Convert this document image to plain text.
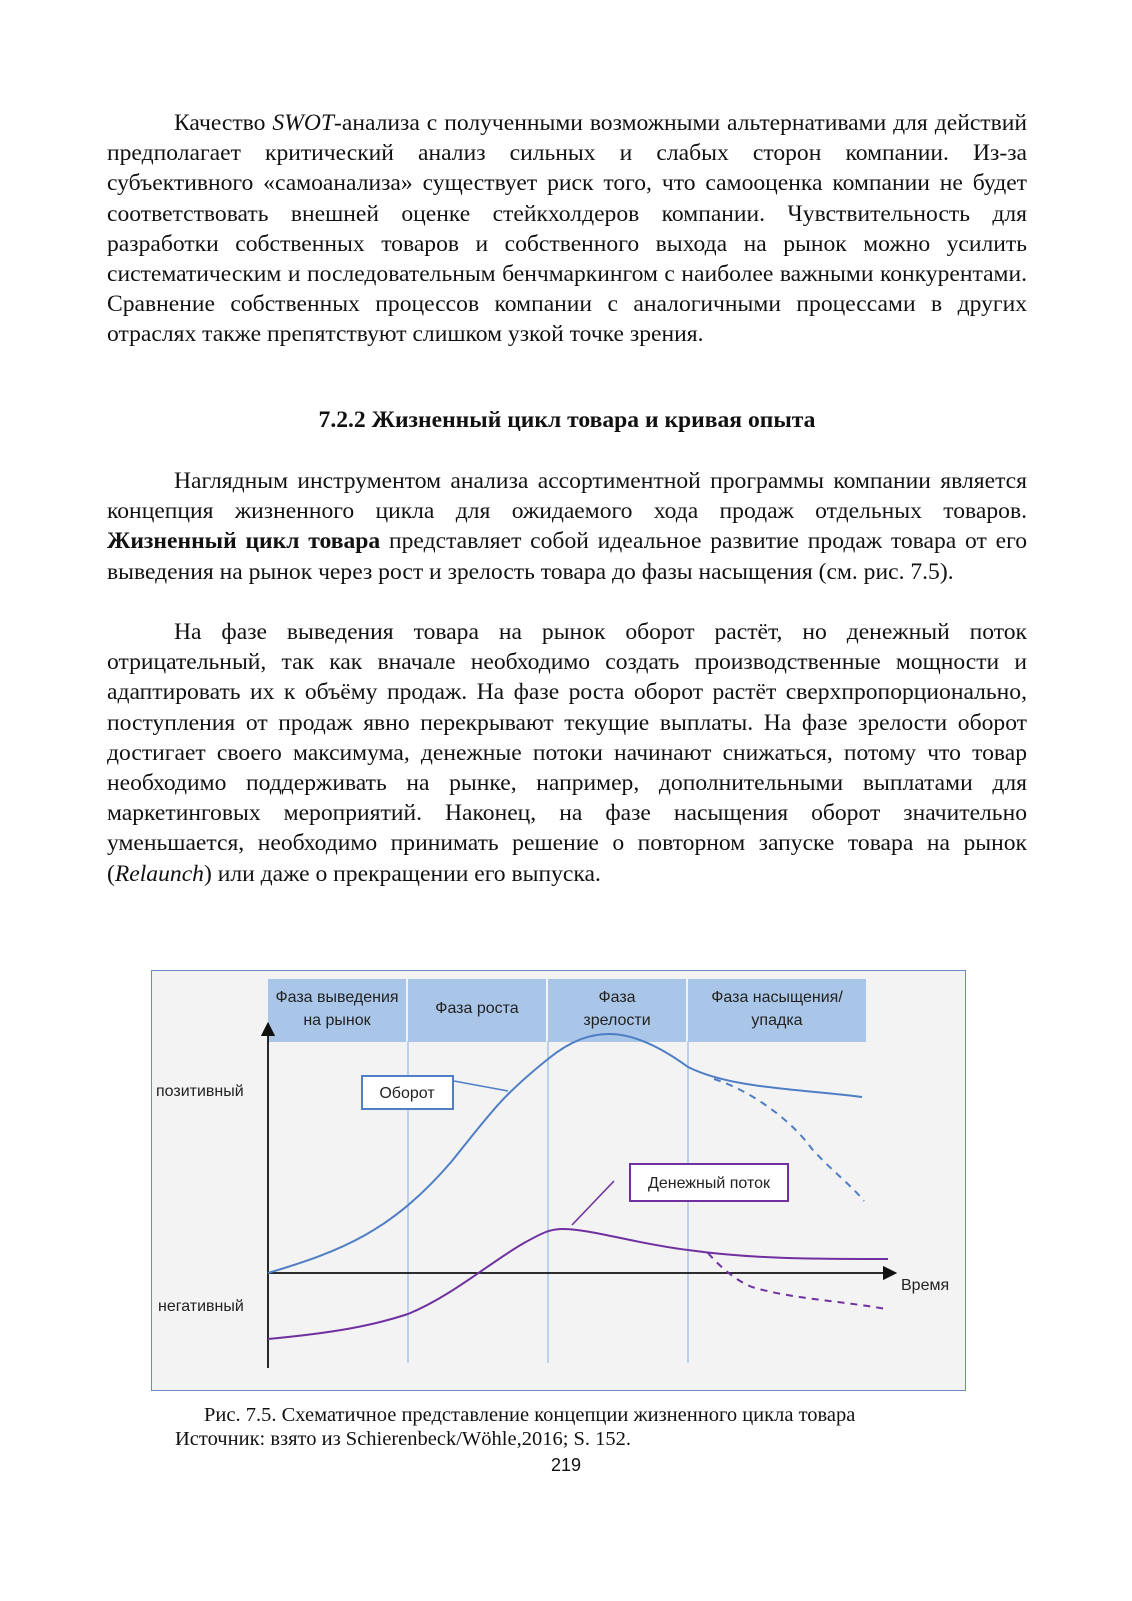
Качество SWOT-анализа с полученными возможными альтернативами для действий предполагает критический анализ сильных и слабых сторон компании. Из-за субъективного «самоанализа» существует риск того, что самооценка компании не будет соответствовать внешней оценке стейкхолдеров компании. Чувствительность для разработки собственных товаров и собственного выхода на рынок можно усилить систематическим и последовательным бенчмаркингом с наиболее важными конкурентами. Сравнение собственных процессов компании с аналогичными процессами в других отраслях также препятствуют слишком узкой точке зрения.

7.2.2 Жизненный цикл товара и кривая опыта

Наглядным инструментом анализа ассортиментной программы компании является концепция жизненного цикла для ожидаемого хода продаж отдельных товаров. Жизненный цикл товара представляет собой идеальное развитие продаж товара от его выведения на рынок через рост и зрелость товара до фазы насыщения (см. рис. 7.5).

На фазе выведения товара на рынок оборот растёт, но денежный поток отрицательный, так как вначале необходимо создать производственные мощности и адаптировать их к объёму продаж. На фазе роста оборот растёт сверхпропорционально, поступления от продаж явно перекрывают текущие выплаты. На фазе зрелости оборот достигает своего максимума, денежные потоки начинают снижаться, потому что товар необходимо поддерживать на рынке, например, дополнительными выплатами для маркетинговых мероприятий. Наконец, на фазе насыщения оборот значительно уменьшается, необходимо принимать решение о повторном запуске товара на рынок (Relaunch) или даже о прекращении его выпуска.

Фаза выведения
на рынок
Фаза роста
Фаза
зрелости
Фаза насыщения/
упадка
позитивный
негативный
Время
Оборот
Денежный поток

Рис. 7.5. Схематичное представление концепции жизненного цикла товара

Источник: взято из Schierenbeck/Wöhle,2016; S. 152.

219
